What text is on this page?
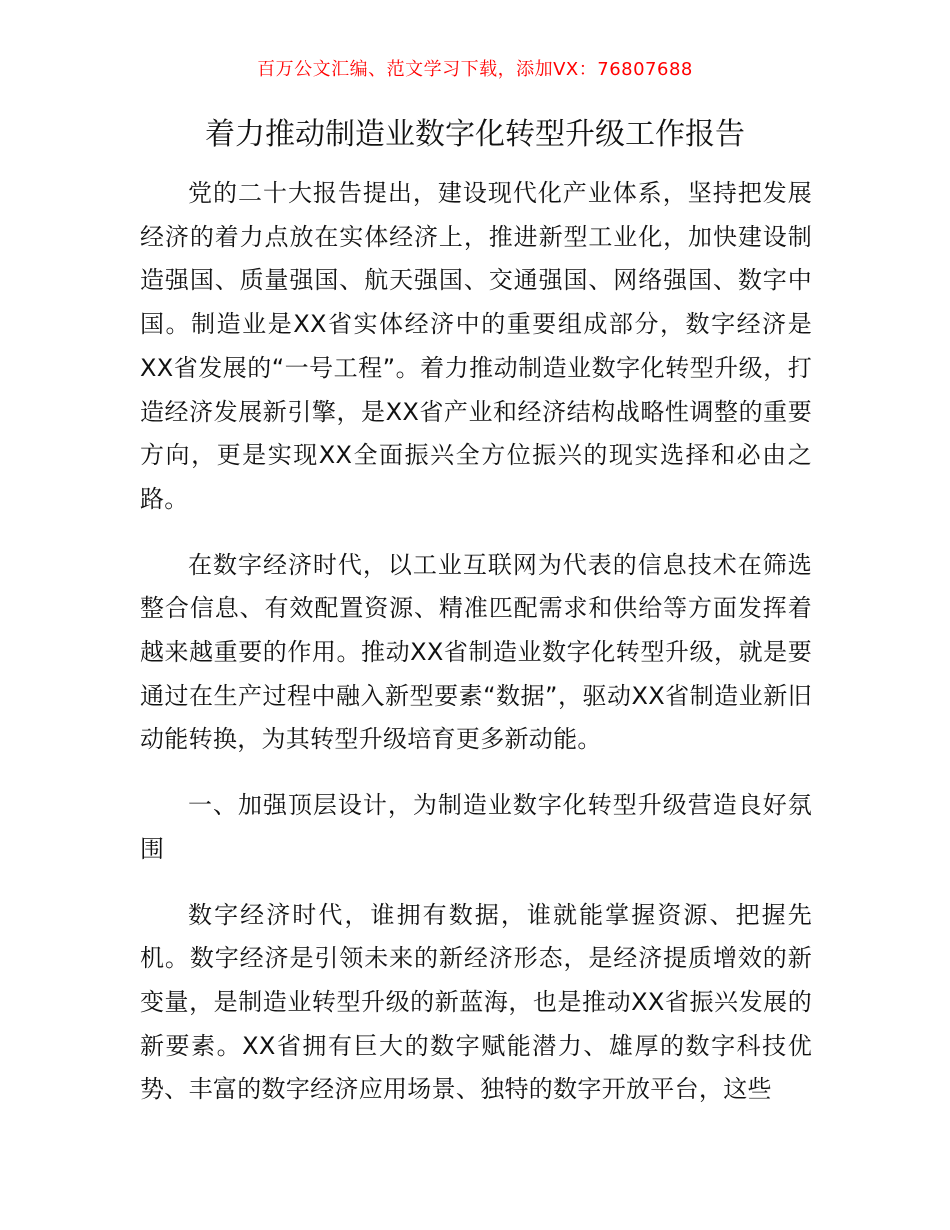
百万公文汇编、范文学习下载，添加VX：76807688
着力推动制造业数字化转型升级工作报告

党的二十大报告提出，建设现代化产业体系，坚持把发展经济的着力点放在实体经济上，推进新型工业化，加快建设制造强国、质量强国、航天强国、交通强国、网络强国、数字中国。制造业是XX省实体经济中的重要组成部分，数字经济是XX省发展的“一号工程”。着力推动制造业数字化转型升级，打造经济发展新引擎，是XX省产业和经济结构战略性调整的重要方向，更是实现XX全面振兴全方位振兴的现实选择和必由之路。

在数字经济时代，以工业互联网为代表的信息技术在筛选整合信息、有效配置资源、精准匹配需求和供给等方面发挥着越来越重要的作用。推动XX省制造业数字化转型升级，就是要通过在生产过程中融入新型要素“数据”，驱动XX省制造业新旧动能转换，为其转型升级培育更多新动能。

一、加强顶层设计，为制造业数字化转型升级营造良好氛围

数字经济时代，谁拥有数据，谁就能掌握资源、把握先机。数字经济是引领未来的新经济形态，是经济提质增效的新变量，是制造业转型升级的新蓝海，也是推动XX省振兴发展的新要素。XX省拥有巨大的数字赋能潜力、雄厚的数字科技优势、丰富的数字经济应用场景、独特的数字开放平台，这些
